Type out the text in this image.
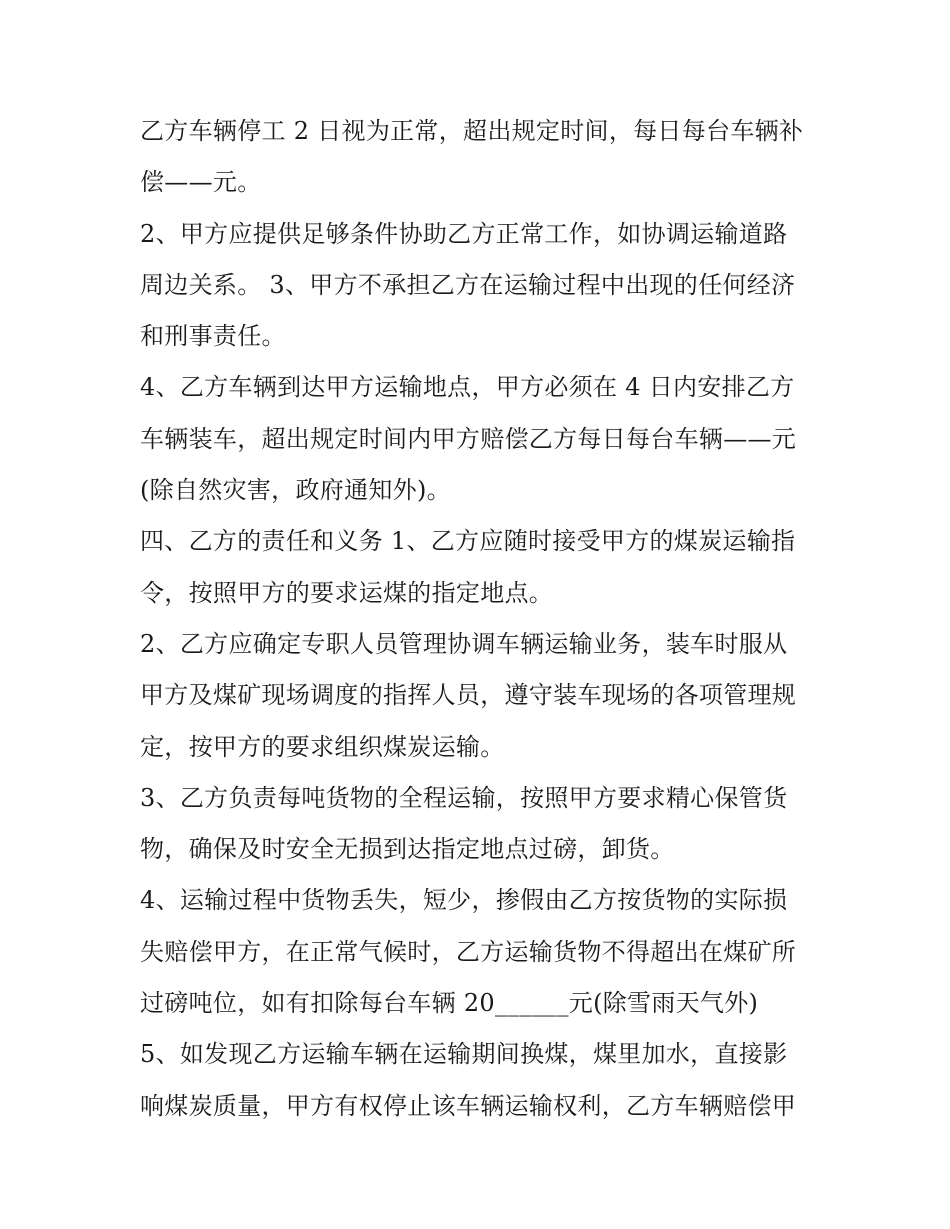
乙方车辆停工 2 日视为正常，超出规定时间，每日每台车辆补
偿——元。
2、甲方应提供足够条件协助乙方正常工作，如协调运输道路
周边关系。 3、甲方不承担乙方在运输过程中出现的任何经济
和刑事责任。
4、乙方车辆到达甲方运输地点，甲方必须在 4 日内安排乙方
车辆装车，超出规定时间内甲方赔偿乙方每日每台车辆——元
(除自然灾害，政府通知外)。
四、乙方的责任和义务 1、乙方应随时接受甲方的煤炭运输指
令，按照甲方的要求运煤的指定地点。
2、乙方应确定专职人员管理协调车辆运输业务，装车时服从
甲方及煤矿现场调度的指挥人员，遵守装车现场的各项管理规
定，按甲方的要求组织煤炭运输。
3、乙方负责每吨货物的全程运输，按照甲方要求精心保管货
物，确保及时安全无损到达指定地点过磅，卸货。
4、运输过程中货物丢失，短少，掺假由乙方按货物的实际损
失赔偿甲方，在正常气候时，乙方运输货物不得超出在煤矿所
过磅吨位，如有扣除每台车辆 20______元(除雪雨天气外)
5、如发现乙方运输车辆在运输期间换煤，煤里加水，直接影
响煤炭质量，甲方有权停止该车辆运输权利，乙方车辆赔偿甲
